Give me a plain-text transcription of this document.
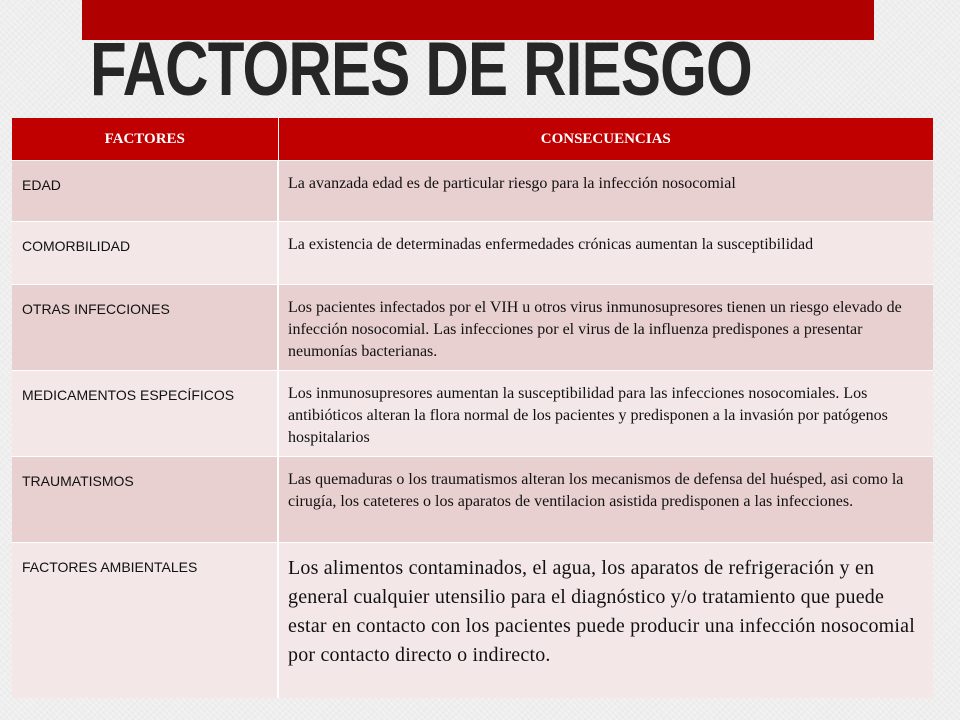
FACTORES DE RIESGO
FACTORES	CONSECUENCIAS
EDAD	La avanzada edad es de particular riesgo para la infección nosocomial
COMORBILIDAD	La existencia de determinadas enfermedades crónicas aumentan la susceptibilidad
OTRAS INFECCIONES	Los pacientes infectados por el VIH u otros virus inmunosupresores tienen un riesgo elevado de infección nosocomial. Las infecciones por el virus de la influenza predispones a presentar neumonías bacterianas.
MEDICAMENTOS ESPECÍFICOS	Los inmunosupresores aumentan la susceptibilidad para las infecciones nosocomiales. Los antibióticos alteran la flora normal de los pacientes y predisponen a la invasión por patógenos hospitalarios
TRAUMATISMOS	Las quemaduras o los traumatismos alteran los mecanismos de defensa del huésped, asi como la cirugía, los cateteres o los aparatos de ventilacion asistida predisponen a las infecciones.
FACTORES AMBIENTALES	Los alimentos contaminados, el agua, los aparatos de refrigeración y en general cualquier utensilio para el diagnóstico y/o tratamiento que puede estar en contacto con los pacientes puede producir una infección nosocomial por contacto directo o indirecto.
